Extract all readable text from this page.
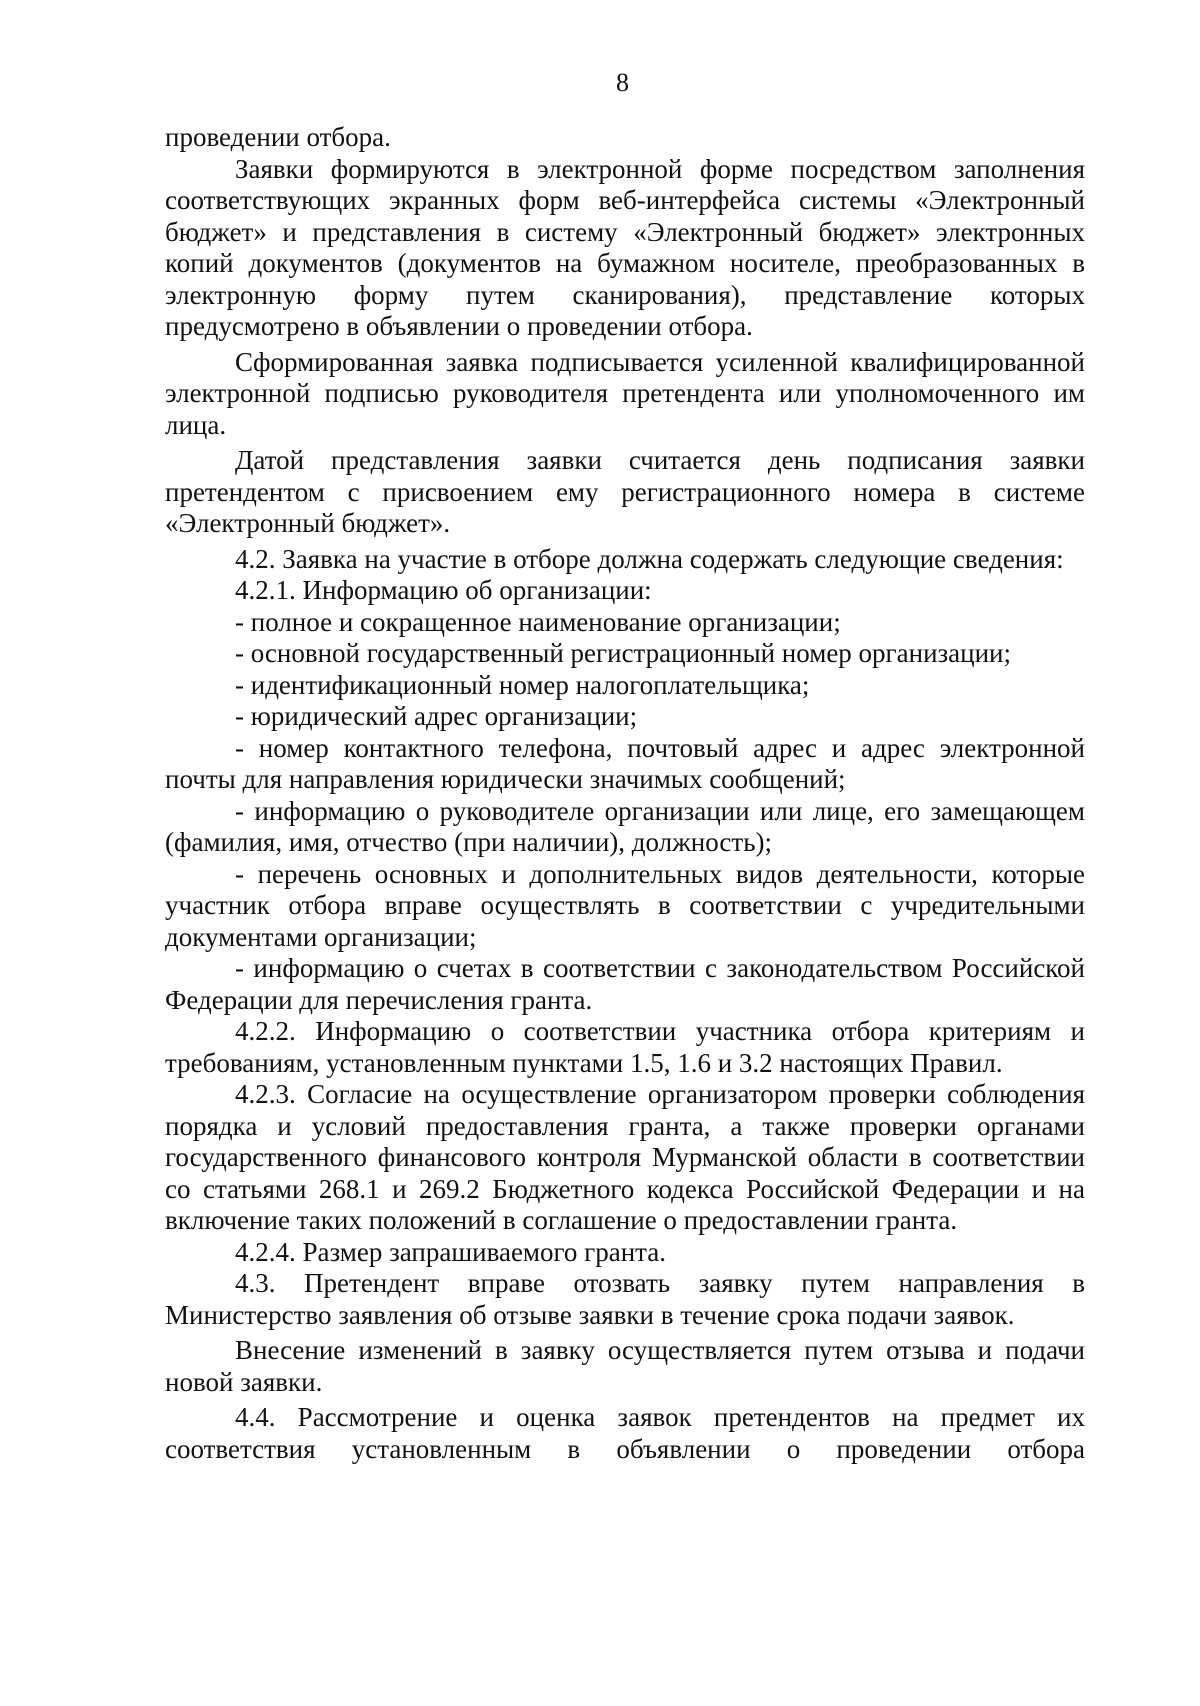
8

проведении отбора.

Заявки формируются в электронной форме посредством заполнения соответствующих экранных форм веб-интерфейса системы «Электронный бюджет» и представления в систему «Электронный бюджет» электронных копий документов (документов на бумажном носителе, преобразованных в электронную форму путем сканирования), представление которых предусмотрено в объявлении о проведении отбора.

Сформированная заявка подписывается усиленной квалифицированной электронной подписью руководителя претендента или уполномоченного им лица.

Датой представления заявки считается день подписания заявки претендентом с присвоением ему регистрационного номера в системе «Электронный бюджет».

4.2. Заявка на участие в отборе должна содержать следующие сведения:

4.2.1. Информацию об организации:

- полное и сокращенное наименование организации;

- основной государственный регистрационный номер организации;

- идентификационный номер налогоплательщика;

- юридический адрес организации;

- номер контактного телефона, почтовый адрес и адрес электронной почты для направления юридически значимых сообщений;

- информацию о руководителе организации или лице, его замещающем (фамилия, имя, отчество (при наличии), должность);

- перечень основных и дополнительных видов деятельности, которые участник отбора вправе осуществлять в соответствии с учредительными документами организации;

- информацию о счетах в соответствии с законодательством Российской Федерации для перечисления гранта.

4.2.2. Информацию о соответствии участника отбора критериям и требованиям, установленным пунктами 1.5, 1.6 и 3.2 настоящих Правил.

4.2.3. Согласие на осуществление организатором проверки соблюдения порядка и условий предоставления гранта, а также проверки органами государственного финансового контроля Мурманской области в соответствии со статьями 268.1 и 269.2 Бюджетного кодекса Российской Федерации и на включение таких положений в соглашение о предоставлении гранта.

4.2.4. Размер запрашиваемого гранта.

4.3. Претендент вправе отозвать заявку путем направления в Министерство заявления об отзыве заявки в течение срока подачи заявок.

Внесение изменений в заявку осуществляется путем отзыва и подачи новой заявки.

4.4. Рассмотрение и оценка заявок претендентов на предмет их соответствия установленным в объявлении о проведении отбора
